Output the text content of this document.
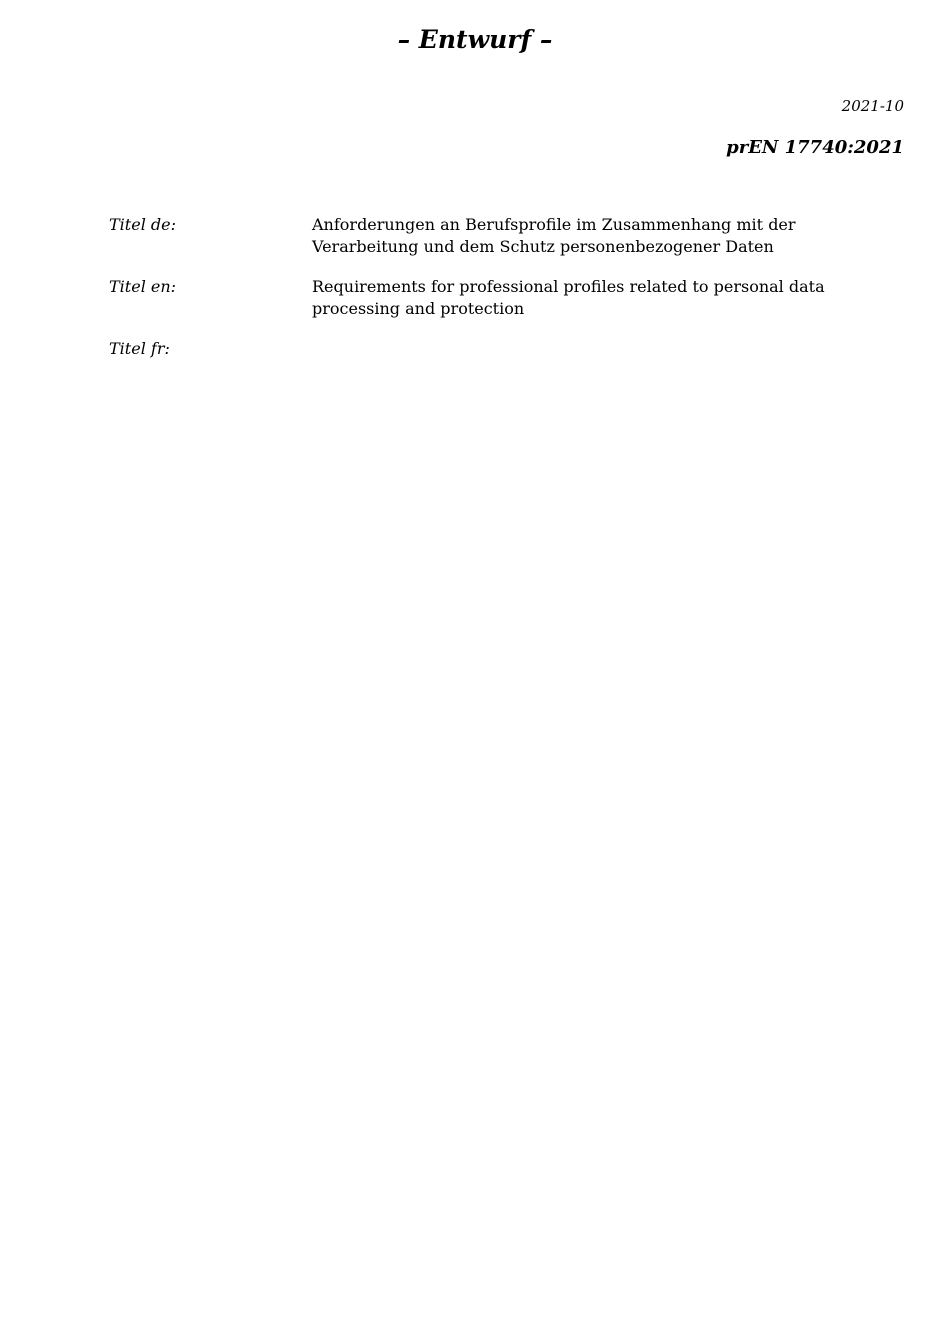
– Entwurf –
2021-10
prEN 17740:2021
Titel de:	Anforderungen an Berufsprofile im Zusammenhang mit der Verarbeitung und dem Schutz personenbezogener Daten
Titel en:	Requirements for professional profiles related to personal data processing and protection
Titel fr:
